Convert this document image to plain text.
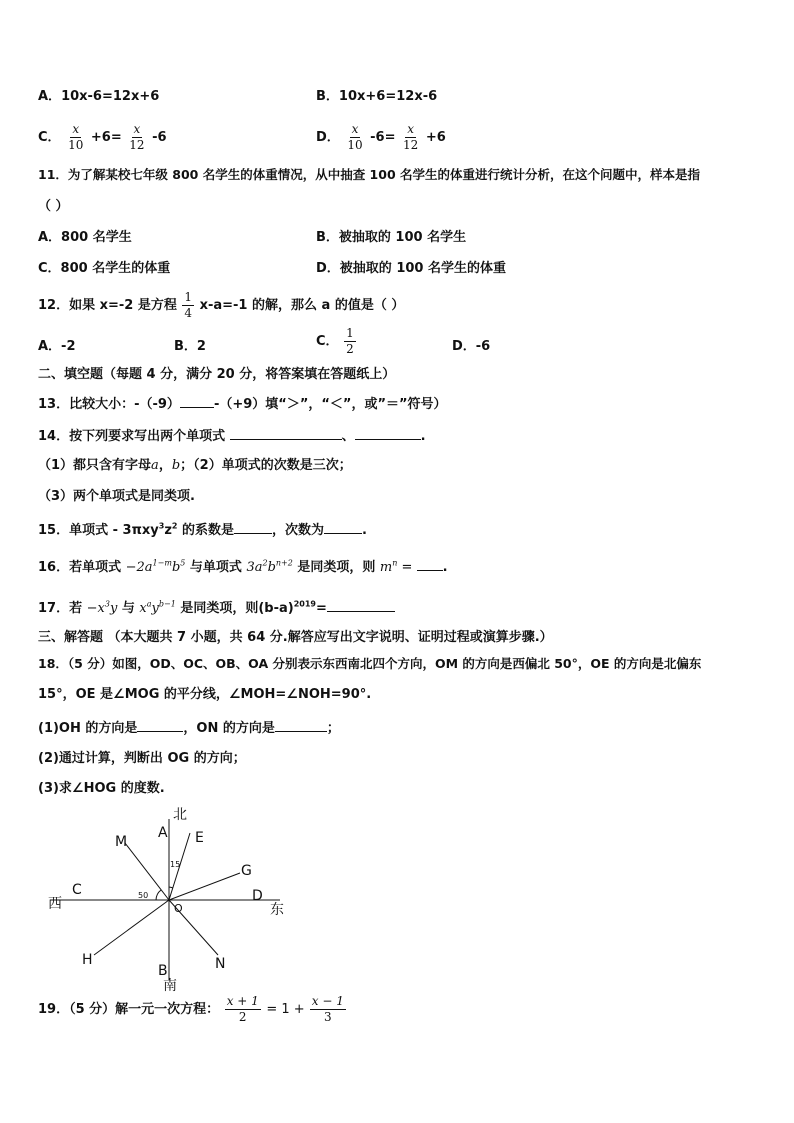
A．10x-6=12x+6	B．10x+6=12x-6
C． $\frac{x}{10} +6= \frac{x}{12} -6$	D． $\frac{x}{10} -6= \frac{x}{12} +6$
11．为了解某校七年级 800 名学生的体重情况，从中抽查 100 名学生的体重进行统计分析，在这个问题中，样本是指
（ ）
A．800 名学生	B．被抽取的 100 名学生
C．800 名学生的体重	D．被抽取的 100 名学生的体重
12．如果 x=-2 是方程 $\frac{1}{4} x-a=-1$ 的解，那么 a 的值是（ ）
A．-2	B．2	C． $\frac{1}{2}$	D．-6
二、填空题（每题 4 分，满分 20 分，将答案填在答题纸上）
13．比较大小：-（-9）	-（+9）填“＞”，“＜”，或”＝”符号）
14．按下列要求写出两个单项式	、	.
（1）都只含有字母a，b；（2）单项式的次数是三次；
（3）两个单项式是同类项.
15．单项式 - $3\pi xy^3z^2$ 的系数是	，次数为	.
16．若单项式 $-2a^{1-m}b^5$ 与单项式 $3a^2b^{n+2}$ 是同类项，则 $m^n$ = .
17．若 $-x^3y$ 与 $x^ay^{b-1}$ 是同类项，则$(b-a)^{2019}=$
三、解答题 （本大题共 7 小题，共 64 分.解答应写出文字说明、证明过程或演算步骤.）
18．（5 分）如图，OD、OC、OB、OA 分别表示东西南北四个方向，OM 的方向是西偏北 50°，OE 的方向是北偏东
15°，OE 是∠MOG 的平分线，∠MOH=∠NOH=90°.
(1)OH 的方向是	，ON 的方向是	；
(2)通过计算，判断出 OG 的方向；
(3)求∠HOG 的度数.
北
A
M	E
G
C	D
西	东
O
50
15
H	N
B
南
19．（5 分）解一元一次方程： $\frac{x + 1}{2} = 1 + \frac{x - 1}{3}$
